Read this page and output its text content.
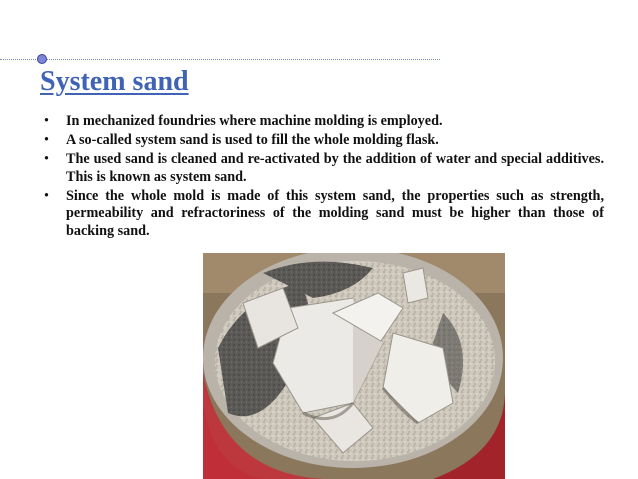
System sand
• In mechanized foundries where machine molding is employed.
• A so-called system sand is used to fill the whole molding flask.
• The used sand is cleaned and re-activated by the addition of water and special additives. This is known as system sand.
• Since the whole mold is made of this system sand, the properties such as strength, permeability and refractoriness of the molding sand must be higher than those of backing sand.
